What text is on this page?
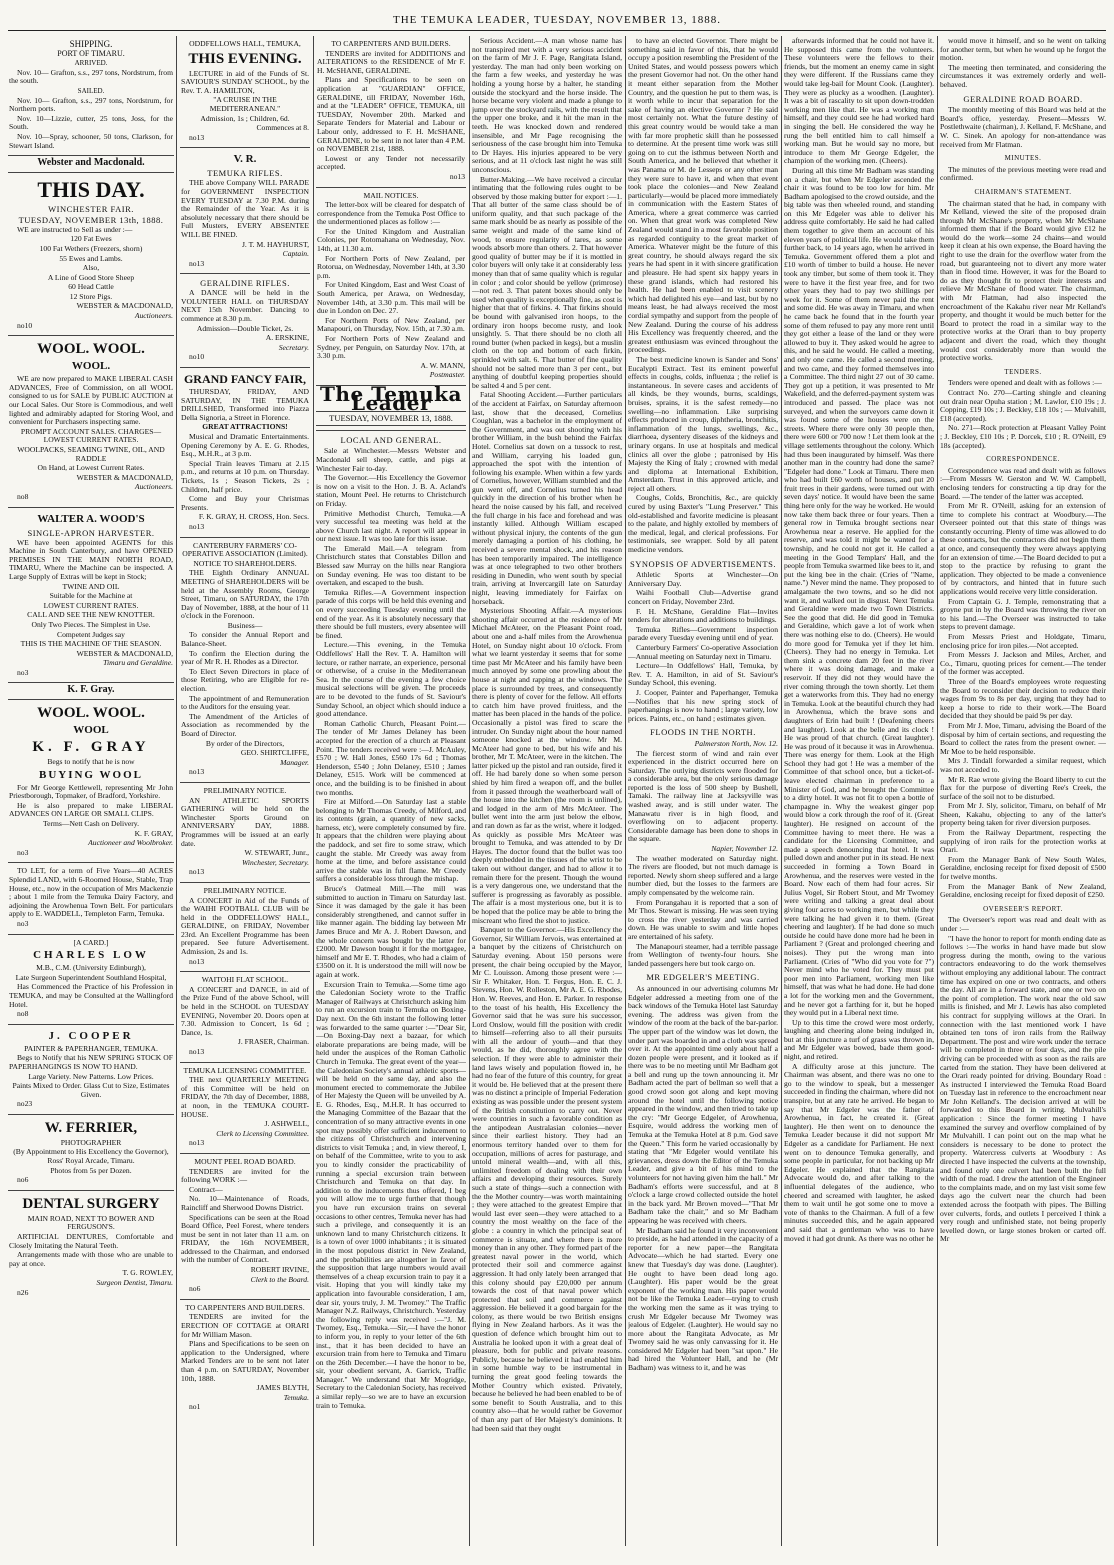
THE TEMUKA LEADER, TUESDAY, NOVEMBER 13, 1888.
SHIPPING.
PORT OF TIMARU.
ARRIVED.

Nov. 10— Grafton, s.s., 297 tons, Nordstrum, from the south.

SAILED.

Nov. 10— Grafton, s.s., 297 tons, Nordstrum, for Northern ports.

Nov. 10—Lizzie, cutter, 25 tons, Joss, for the South.

Nov. 10—Spray, schooner, 50 tons, Clarkson, for Stewart Island.

Webster and Macdonald.
THIS DAY.
WINCHESTER FAIR.
TUESDAY, NOVEMBER 13th, 1888.

WE are instructed to Sell as under :—

120 Fat Ewes

100 Fat Wethers (Freezers, shorn)

55 Ewes and Lambs.

Also,

A Line of Good Store Sheep

60 Head Cattle

12 Store Pigs.

WEBSTER & MACDONALD,

Auctioneers.

no10

WOOL. WOOL.
WOOL.

WE are now prepared to MAKE LIBERAL CASH ADVANCES, Free of Commission, on all WOOL consigned to us for SALE by PUBLIC AUCTION at our Local Sales. Our Store is Commodious, and well lighted and admirably adapted for Storing Wool, and convenient for Purchasers inspecting same.

PROMPT ACCOUNT SALES. CHARGES—LOWEST CURRENT RATES.

WOOLPACKS, SEAMING TWINE, OIL, AND RADDLE

On Hand, at Lowest Current Rates.

WEBSTER & MACDONALD,

Auctioneers.

no8

WALTER A. WOOD'S
SINGLE-APRON HARVESTER.

WE have been appointed AGENTS for this Machine in South Canterbury, and have OPENED PREMISES IN THE MAIN NORTH ROAD, TIMARU, Where the Machine can be inspected. A Large Supply of Extras will be kept in Stock;

TWINE AND OIL

Suitable for the Machine at

LOWEST CURRENT RATES.

CALL AND SEE THE NEW KNOTTER.

Only Two Pieces. The Simplest in Use.

Competent Judges say

THIS IS THE MACHINE OF THE SEASON.

WEBSTER & MACDONALD,

Timaru and Geraldine.

no3

K. F. Gray.
WOOL. WOOL.
WOOL
K. F. GRAY

Begs to notify that he is now

BUYING WOOL

For Mr George Kettlewell, representing Mr John Priestborough, Topmaker, of Bradford, Yorkshire.

He is also prepared to make LIBERAL ADVANCES ON LARGE OR SMALL CLIPS.

Terms—Nett Cash on Delivery.

K. F. GRAY,

Auctioneer and Woolbroker.

no3

TO LET, for a term of Five Years—40 ACRES Splendid LAND, with 6-Roomed House, Stable, Trap House, etc., now in the occupation of Mrs Mackenzie ; about 1 mile from the Temuka Dairy Factory, and adjoining the Arowhenua Town Belt. For particulars apply to E. WADDELL, Templeton Farm, Temuka.

no3

[A CARD.]

CHARLES LOW

M.B., C.M. (University Edinburgh),

Late Surgeon Superintendent Southland Hospital,

Has Commenced the Practice of his Profession in TEMUKA, and may be Consulted at the Wallingford Hotel.

no8

J. COOPER

PAINTER & PAPERHANGER, TEMUKA.

Begs to Notify that his NEW SPRING STOCK OF PAPERHANGINGS IS NOW TO HAND.

Large Variety. New Patterns. Low Prices.

Paints Mixed to Order. Glass Cut to Size, Estimates Given.

no23

W. FERRIER,

PHOTOGRAPHER

(By Appointment to His Excellency the Governor), Ross' Royal Arcade, Timaru.

Photos from 5s per Dozen.

no6

DENTAL SURGERY

MAIN ROAD, NEXT TO BOWER AND FERGUSON'S.

ARTIFICIAL DENTURES, Comfortable and Closely Imitating the Natural Teeth.

Arrangements made with those who are unable to pay at once.

T. G. ROWLEY,

Surgeon Dentist, Timaru.

n26

ODDFELLOWS HALL, TEMUKA,

THIS EVENING.

LECTURE in aid of the Funds of St. SAVIOUR'S SUNDAY SCHOOL, by the Rev. T. A. HAMILTON,

"A CRUISE IN THE MEDITERRANEAN."

Admission, 1s ; Children, 6d.

Commences at 8.

no13

V. R.
TEMUKA RIFLES.

THE above Company WILL PARADE for GOVERNMENT INSPECTION EVERY TUESDAY at 7.30 P.M. during the Remainder of the Year. As it is absolutely necessary that there should be Full Musters, EVERY ABSENTEE WILL BE FINED.

J. T. M. HAYHURST,

Captain.

no13

GERALDINE RIFLES.

A DANCE will be held in the VOLUNTEER HALL on THURSDAY NEXT 15th November. Dancing to commence at 8.30 p.m.

Admission—Double Ticket, 2s.

A. ERSKINE,

Secretary.

no10

GRAND FANCY FAIR,

THURSDAY, FRIDAY, AND SATURDAY, IN THE TEMUKA DRILLSHED, Transformed into Piazza Della Signoria, a Street in Florence.

GREAT ATTRACTIONS!

Musical and Dramatic Entertainments. Opening Ceremony by A. E. G. Rhodes, Esq., M.H.R., at 3 p.m.

Special Train leaves Timaru at 2.15 p.m., and returns at 10 p.m. on Thursday. Tickets, 1s ; Season Tickets, 2s ; Children, half price.

Come and Buy your Christmas Presents.

F. K. GRAY, H. CROSS, Hon. Secs.

no13

CANTERBURY FARMERS' CO-OPERATIVE ASSOCIATION (Limited).

NOTICE TO SHAREHOLDERS.

THE Eighth Ordinary ANNUAL MEETING of SHAREHOLDERS will be held at the Assembly Rooms, George Street, Timaru, on SATURDAY, the 17th Day of November, 1888, at the hour of 11 o'clock in the Forenoon.

Business—

To consider the Annual Report and Balance-Sheet.

To confirm the Election during the year of Mr R. H. Rhodes as a Director.

To Elect Seven Directors in place of those Retiring, who are Eligible for re-election.

The appointment of and Remuneration to the Auditors for the ensuing year.

The Amendment of the Articles of Association as recommended by the Board of Director.

By order of the Directors,

GEO. SHIRTCLIFFE,

Manager.

no13

PRELIMINARY NOTICE.

AN ATHLETIC SPORTS GATHERING will be held on the Winchester Sports Ground on ANNIVERSARY DAY, 1888. Programmes will be issued at an early date.

W. STEWART, Junr.,

Winchester, Secretary.

no13

PRELIMINARY NOTICE.

A CONCERT in Aid of the Funds of the WAIHI FOOTBALL CLUB will be held in the ODDFELLOWS' HALL, GERALDINE, on FRIDAY, November 23rd. An Excellent Programme has been prepared. See future Advertisement. Admission, 2s and 1s.

no13

WAITOHI FLAT SCHOOL.

A CONCERT and DANCE, in aid of the Prize Fund of the above School, will be held in the SCHOOL on TUESDAY EVENING, November 20. Doors open at 7.30. Admission to Concert, 1s 6d ; Dance, 1s.

J. FRASER, Chairman.

no13

TEMUKA LICENSING COMMITTEE.

THE next QUARTERLY MEETING of this Committee will be held on FRIDAY, the 7th day of December, 1888, at noon, in the TEMUKA COURT-HOUSE.

J. ASHWELL,

Clerk to Licensing Committee.

no13

MOUNT PEEL ROAD BOARD.

TENDERS are invited for the following WORK :—

Contract—

No. 10—Maintenance of Roads, Raincliff and Sherwood Downs District.

Specifications can be seen at the Road Board Office, Peel Forest, where tenders must be sent in not later than 11 a.m. on FRIDAY, the 16th NOVEMBER, addressed to the Chairman, and endorsed with the number of Contract.

ROBERT IRVINE,

Clerk to the Board.

no6

TO CARPENTERS AND BUILDERS.

TENDERS are invited for the ERECTION OF COTTAGE at ORARI for Mr William Mason.

Plans and Specifications to be seen on application to the Undersigned, where Marked Tenders are to be sent not later than 4 p.m. on SATURDAY, November 10th, 1888.

JAMES BLYTH,

Temuka.

no1

TO CARPENTERS AND BUILDERS.

TENDERS are invited for ADDITIONS and ALTERATIONS to the RESIDENCE of Mr F. H. McSHANE, GERALDINE.

Plans and Specifications to be seen on application at "GUARDIAN" OFFICE, GERALDINE, till FRIDAY, November 16th, and at the "LEADER" OFFICE, TEMUKA, till TUESDAY, November 20th. Marked and Separate Tenders for Material and Labour or Labour only, addressed to F. H. McSHANE, GERALDINE, to be sent in not later than 4 P.M. on NOVEMBER 21st, 1888.

Lowest or any Tender not necessarily accepted.

no13

MAIL NOTICES.

The letter-box will be cleared for despatch of correspondence from the Temuka Post Office to the undermentioned places as follow :—

For the United Kingdom and Australian Colonies, per Rotomahana on Wednesday, Nov. 14th, at 11.30 a.m.

For Northern Ports of New Zealand, per Rotorua, on Wednesday, November 14th, at 3.30 p.m.

For United Kingdom, East and West Coast of South America, per Arawa, on Wednesday, November 14th, at 3.30 p.m. This mail will be due in London on Dec. 27.

For Northern Ports of New Zealand, per Manapouri, on Thursday, Nov. 15th, at 7.30 a.m.

For Northern Ports of New Zealand and Sydney, per Penguin, on Saturday Nov. 17th, at 3.30 p.m.

A. W. MANN,

Postmaster.

The Temuka Leader
TUESDAY, NOVEMBER 13, 1888.
LOCAL AND GENERAL.

Sale at Winchester.—Messrs Webster and Macdonald sell sheep, cattle, and pigs at Winchester Fair to-day.

The Governor.—His Excellency the Governor is now on a visit to the Hon. J. B. A. Acland's station, Mount Peel. He returns to Christchurch on Friday.

Primitive Methodist Church, Temuka.—A very successful tea meeting was held at the above Church last night. A report will appear in our next issue. It was too late for this issue.

The Emerald Mail.—A telegram from Christchurch states that Constables Dillon and Blessed saw Murray on the hills near Rangiora on Sunday evening. He was too distant to be overtaken, and escaped to the bush.

Temuka Rifles.—A Government inspection parade of this corps will be held this evening and on every succeeding Tuesday evening until the end of the year. As it is absolutely necessary that there should be full musters, every absentee will be fined.

Lecture.—This evening, in the Temuka Oddfellows' Hall the Rev. T. A. Hamilton will lecture, or rather narrate, an experience, personal or otherwise, of a cruise in the Mediterranean Sea. In the course of the evening a few choice musical selections will be given. The proceeds are to be devoted to the funds of St. Saviour's Sunday School, an object which should induce a good attendance.

Roman Catholic Church, Pleasant Point.—The tender of Mr James Delaney has been accepted for the erection of a church at Pleasant Point. The tenders received were :—J. McAuley, £570 ; W. Hall Jones, £560 17s 6d ; Thomas Henderson, £540 ; John Delaney, £510 ; James Delaney, £515. Work will be commenced at once, and the building is to be finished in about two months.

Fire at Milford.—On Saturday last a stable belonging to Mr Thomas Creedy, of Milford, and its contents (grain, a quantity of new sacks, harness, etc), were completely consumed by fire. It appears that the children were playing about the paddock, and set fire to some straw, which caught the stable. Mr Creedy was away from home at the time, and before assistance could arrive the stable was in full flame. Mr Creedy suffers a considerable loss through the mishap.

Bruce's Oatmeal Mill.—The mill was submitted to auction in Timaru on Saturday last. Since it was damaged by the gale it has been considerably strengthened, and cannot suffer in like manner again. The bidding lay between Mr James Bruce and Mr A. J. Robert Dawson, and the whole concern was bought by the latter for £2000. Mr Dawson bought it for the mortgagee, himself and Mr E. T. Rhodes, who had a claim of £3500 on it. It is understood the mill will now be again at work.

Excursion Train to Temuka.—Some time ago the Caledonian Society wrote to the Traffic Manager of Railways at Christchurch asking him to run an excursion train to Temuka on Boxing-Day next. On the 6th instant the following letter was forwarded to the same quarter :—"Dear Sir,—On Boxing-Day next a bazaar, for which elaborate preparations are being made, will be held under the auspices of the Roman Catholic Church in Temuka. The great event of the year—the Caledonian Society's annual athletic sports—will be held on the same day, and also the monument erected to commemorate the Jubilee of Her Majesty the Queen will be unveiled by A. E. G. Rhodes, Esq., M.H.R. It has occurred to the Managing Committee of the Bazaar that the concentration of so many attractive events in one spot may possibly offer sufficient inducement to the citizens of Christchurch and intervening districts to visit Temuka ; and, in view thereof, I, on behalf of the Committee, write to you to ask you to kindly consider the practicability of running a special excursion train between Christchurch and Temuka on that day. In addition to the inducements thus offered, I beg you will allow me to urge further that though you have run excursion trains on several occasions to other centres, Temuka never has had such a privilege, and consequently it is an unknown land to many Christchurch citizens. It is a town of over 1000 inhabitants ; it is situated in the most populous district in New Zealand, and the probabilities are altogether in favor of the supposition that large numbers would avail themselves of a cheap excursion train to pay it a visit. Hoping that you will kindly take my application into favourable consideration, I am, dear sir, yours truly, J. M. Twomey." The Traffic Manager N.Z. Railways, Christchurch. Yesterday the following reply was received :—"J. M. Twomey, Esq., Temuka.—Sir,—I have the honor to inform you, in reply to your letter of the 6th inst., that it has been decided to have an excursion train from here to Temuka and Timaru on the 26th December.—I have the honor to be, sir, your obedient servant, A. Garrick, Traffic Manager." We understand that Mr Mogridge, Secretary to the Caledonian Society, has received a similar reply—so we are to have an excursion train to Temuka.

Serious Accident.—A man whose name has not transpired met with a very serious accident on the farm of Mr J. F. Page, Rangitata Island, yesterday. The man had only been working on the farm a few weeks, and yesterday he was holding a young horse by a halter, he standing outside the stockyard and the horse inside. The horse became very violent and made a plunge to jump over the stockyard rails, with the result that the upper one broke, and it hit the man in the teeth. He was knocked down and rendered insensible, and Mr Page recognising the seriousness of the case brought him into Temuka to Dr Hayes. His injuries appeared to be very serious, and at 11 o'clock last night he was still unconscious.

Butter-Making.—We have received a circular intimating that the following rules ought to be observed by those making butter for export :—1. That all butter of the same class should be of uniform quality, and that such package of the same mark should be as nearly as possible of the same weight and made of the same kind of wood, to ensure regularity of tares, as some woods absorb more than others. 2. That however good quality of butter may be if it is mottled in color buyers will only take it at considerably less money than that of same quality which is regular in color ; and color should be yellow (primrose) —not red. 3. That patent boxes should only be used when quality is exceptionally fine, as cost is higher that that of firkins. 4. That firkins should be bound with galvanised iron hoops, to the ordinary iron hoops become rusty, and look unsightly. 5. That there should be no cloth all round butter (when packed in kegs), but a muslin cloth on the top and bottom of each firkin, sprinkled with salt. 6. That butter of fine quality should not be salted more than 3 per cent., but anything of doubtful keeping properties should be salted 4 and 5 per cent.

Fatal Shooting Accident.—Further particulars of the accident at Fairfax, on Saturday afternoon last, show that the deceased, Cornelius Coughlan, was a bachelor in the employment of the Government, and was out shooting with his brother William, in the bush behind the Fairfax Hotel. Cornelius sat down on a tussock to rest, and William, carrying his loaded gun, approached the spot with the intention of following his example. When within a few yards of Cornelius, however, William stumbled and the gun went off, and Cornelius turned his head quickly in the direction of his brother when he heard the noise caused by his fall, and received the full charge in his face and forehead and was instantly killed. Although William escaped without physical injury, the contents of the gun merely damaging a portion of his clothing, he received a severe mental shock, and his reason has been temporarily impaired. The intelligence was at once telegraphed to two other brothers residing in Dunedin, who went south by special train, arriving at Invercargill late on Saturday night, leaving immediately for Fairfax on horseback.

Mysterious Shooting Affair.—A mysterious shooting affair occurred at the residence of Mr Michael McAteer, on the Pleasant Point road, about one and a-half miles from the Arowhenua Hotel, on Sunday night about 10 o'clock. From what we learnt yesterday it seems that for some time past Mr McAteer and his family have been much annoyed by some one prowling about the house at night and rapping at the windows. The place is surrounded by trees, and consequently there is plenty of cover for the fellow. All efforts to catch him have proved fruitless, and the matter has been placed in the hands of the police. Occasionally a pistol was fired to scare the intruder. On Sunday night about the hour named someone knocked at the window. Mr M. McAteer had gone to bed, but his wife and his brother, Mr T. McAteer, were in the kitchen. The latter picked up the pistol and ran outside, fired it off. He had barely done so when some person shied by him fired a weapon off, and the bullet from it passed through the weatherboard wall of the house into the kitchen (the room is unlined), and lodged in the arm of Mrs McAteer. The bullet went into the arm just below the elbow, and ran down as far as the wrist, where it lodged. As quickly as possible Mrs McAteer was brought to Temuka, and was attended to by Dr Hayes. The doctor found that the bullet was too deeply embedded in the tissues of the wrist to be taken out without danger, and had to allow it to remain there for the present. Though the wound is a very dangerous one, we understand that the sufferer is progressing as favorably as possible. The affair is a most mysterious one, but it is to be hoped that the police may be able to bring the miscreant who fired the shot to justice.

Banquet to the Governor.—His Excellency the Governor, Sir William Jervois, was entertained at a banquet by the citizens of Christchurch on Saturday evening. About 150 persons were present, the chair being occupied by the Mayor, Mr C. Louisson. Among those present were :—Sir F. Whitaker, Hon. T. Fergus, Hon. E. C. J. Stevens, Hon. W. Rolleston, Mr A. E. G. Rhodes, Hon. W. Reeves, and Hon. E. Parker. In response to the toast of his health, His Excellency the Governor said that he was sure his successor, Lord Onslow, would fill the position with credit to himself—referring also to all their pursuits with all the ardour of youth—and that they would, as he did, thoroughly agree with the selection. If they were able to administer their land laws wisely and population flowed in, he had no fear of the future of this country, for great it would be. He believed that at the present there was no distinct a principle of Imperial Federation existing as was possible under the present system of the British constitution to carry out. Never were countries in such a favorable condition as the antipodean Australasian colonies—never since their earliest history. They had an enormous territory handed over to them for occupation, millions of acres for pasturage, and untold mineral wealth—and, with all this, unlimited freedom of dealing with their own affairs and developing their resources. Surely such a state of things—such a connection with the the Mother country—was worth maintaining ; they were attached to the greatest Empire that would last ever seen—they were attached to a country the most wealthy on the face of the globe : a country in which the principal seat of commerce is situate, and where there is more money than in any other. They formed part of the greatest naval power in the world, which protected their soil and commerce against aggression. It had only lately been arranged that this colony should pay £20,000 per annum towards the cost of that naval power which protected that soil and commerce against aggression. He believed it a good bargain for the colony, as there would be two British ensigns flying in New Zealand harbors. As it was the question of defence which brought him out to Australia he looked upon it with a great deal of pleasure, both for public and private reasons. Publicly, because he believed it had enabled him in some humble way to be instrumental in turning the great good feeling towards the Mother Country which existed. Privately, because he believed he had been enabled to be of some benefit to South Australia, and to this country also—that he would rather be Governor of than any part of Her Majesty's dominions. It had been said that they ought

to have an elected Governor. There might be something said in favor of this, that he would occupy a position resembling the President of the United States, and would possess powers which the present Governor had not. On the other hand it meant either separation from the Mother Country, and the question he put to them was, is it worth while to incur that separation for the sake of having an elective Governor ? He said most certainly not. What the future destiny of this great country would be would take a man with far more prophetic skill than he possessed to determine. At the present time work was still going on to cut the isthmus between North and South America, and he believed that whether it was Panama or M. de Lesseps or any other man they were sure to have it, and when that event took place the colonies—and New Zealand particularly—would be placed more immediately in communication with the Eastern States of America, where a great commerce was carried on. When that great work was completed New Zealand would stand in a most favorable position as regarded contiguity to the great market of America. Whatever might be the future of this great country, he should always regard the six years he had spent in it with sincere gratification and pleasure. He had spent six happy years in these grand islands, which had restored his health. He had been enabled to visit scenery which had delighted his eye—and last, but by no means least, he had always received the most cordial sympathy and support from the people of New Zealand. During the course of his address His Excellency was frequently cheered, and the greatest enthusiasm was evinced throughout the proceedings.

The best medicine known is Sander and Sons' Eucalypti Extract. Test its eminent powerful effects in coughs, colds, influenza ; the relief is instantaneous. In severe cases and accidents of all kinds, be they wounds, burns, scaldings, bruises, sprains, it is the safest remedy—no swelling—no inflammation. Like surprising effects produced in croup, diphtheria, bronchitis, inflammation of the lungs, swellings, &c., diarrhoea, dysentery diseases of the kidneys and urinary organs. In use at hospitals and medical clinics all over the globe ; patronised by His Majesty the King of Italy ; crowned with medal and diploma at International Exhibition, Amsterdam. Trust in this approved article, and reject all others.

Coughs, Colds, Bronchitis, &c., are quickly cured by using Baxter's "Lung Preserver." This old-established and favorite medicine is pleasant to the palate, and highly extolled by members of the medical, legal, and clerical professions. For testimonials, see wrapper. Sold by all patent medicine vendors.

SYNOPSIS OF ADVERTISEMENTS.

Athletic Sports at Winchester—On Anniversary Day.

Waihi Football Club—Advertise grand concert on Friday, November 23rd.

F. H. McShane, Geraldine Flat—Invites tenders for alterations and additions to buildings.

Temuka Rifles—Government inspection parade every Tuesday evening until end of year.

Canterbury Farmers' Co-operative Association—Annual meeting on Saturday next in Timaru.

Lecture—In Oddfellows' Hall, Temuka, by Rev. T. A. Hamilton, in aid of St. Saviour's Sunday School, this evening.

J. Cooper, Painter and Paperhanger, Temuka—Notifies that his new spring stock of paperhangings is now to hand ; large variety, low prices. Paints, etc., on hand ; estimates given.

FLOODS IN THE NORTH.

Palmerston North, Nov. 12.

The fiercest storm of wind and rain ever experienced in the district occurred here on Saturday. The outlying districts were flooded for a considerable area, but the only serious damage reported is the loss of 500 sheep by Bushell, Tamaki. The railway line at Jacksyville was washed away, and is still under water. The Manawatu river is in high flood, and overflowing on to adjacent property. Considerable damage has been done to shops in the square.

Napier, November 12.

The weather moderated on Saturday night. The rivers are flooded, but not much damage is reported. Newly shorn sheep suffered and a large number died, but the losses to the farmers are amply compensated by the welcome rain.

From Porangahau it is reported that a son of Mr Thos. Stewart is missing. He was seen trying to cross the river yesterday and was carried down. He was unable to swim and little hopes are entertained of his safety.

The Manapouri steamer, had a terrible passage from Wellington of twenty-four hours. She landed passengers here but took cargo on.

MR EDGELER'S MEETING.

As announced in our advertising columns Mr Edgeler addressed a meeting from one of the back windows of the Temuka Hotel last Saturday evening. The address was given from the window of the room at the back of the bar-parlor. The upper part of the window was let down, the under part was boarded in and a cloth was spread over it. At the appointed time only about half a dozen people were present, and it looked as if there was to be no meeting until Mr Badham got a bell and rung up the town announcing it. Mr Badham acted the part of bellman so well that a good crowd soon got along and kept moving around the hotel until the following notice appeared in the window, and then tried to take up the cry: "Mr George Edgeler, of Arowhenua, Esquire, would address the working men of Temuka at the Temuka Hotel at 8 p.m. God save the Queen." This form he varied occasionally by stating that "Mr Edgeler would ventilate his grievances, dress down the Editor of the Temuka Leader, and give a bit of his mind to the volunteers for not having given him the hall." Mr Badham's efforts were successful, and at 8 o'clock a large crowd collected outside the hotel in the back yard. Mr Brown moved—"That Mr Badham take the chair," and so Mr Badham appearing he was received with cheers.

Mr Badham said he found it very inconvenient to preside, as he had attended in the capacity of a reporter for a new paper—the Rangitata Advocate—which he had started. Every one knew that Tuesday's day was done. (Laughter). He ought to have been dead long ago. (Laughter). His paper would be the great exponent of the working man. His paper would not be like the Temuka Leader—trying to crush the working men the same as it was trying to crush Mr Edgeler because Mr Twomey was jealous of Edgeler. (Laughter). He would say no more about the Rangitata Advocate, as Mr Twomey said he was only canvassing for it. He considered Mr Edgeler had been "sat upon." He had hired the Volunteer Hall, and he (Mr Badham) was witness to it, and he was

afterwards informed that he could not have it. He supposed this came from the volunteers. These volunteers were the fellows to their friends, but the moment an enemy came in sight they were different. If the Russians came they would take leg-bail for Mount Cook. (Laughter). They were as plucky as a woodhen. (Laughter). It was a bit of rascality to sit upon down-trodden working men like that. He was a working man himself, and they could see he had worked hard in singing the bell. He considered the way he rung the bell entitled him to call himself a working man. But he would say no more, but introduce to them Mr George Edgeler, the champion of the working men. (Cheers).

During all this time Mr Badham was standing on a chair, but when Mr Edgeler ascended the chair it was found to be too low for him. Mr Badham apologised to the crowd outside, and the big table was then wheeled round, and standing on this Mr Edgeler was able to deliver his address quite comfortably. He said he had called them together to give them an account of his eleven years of political life. He would take them further back, to 14 years ago, when he arrived in Temuka. Government offered them a plot and £10 worth of timber to build a house. He never took any timber, but some of them took it. They were to have it the first year free, and for two other years they had to pay two shillings per week for it. Some of them never paid the rent and some did. He was away in Timaru, and when he came back he found that in the fourth year some of them refused to pay any more rent until they got either a lease of the land or they were allowed to buy it. They asked would he agree to this, and he said he would. He called a meeting, and only one came. He called a second meeting, and two came, and they formed themselves into a Committee. The third night 27 out of 30 came. They got up a petition, it was presented to Mr Wakefield, and the deferred-payment system was introduced and passed. The place was not surveyed, and when the surveyors came down it was found some of the houses were on the streets. Where there were only 30 people then, there were 600 or 700 now ! Let them look at the village settlements throughout the colony. Which had thus been inaugurated by himself. Was there another man in the country had done the same? "Edgeler had done." Look at Timaru. There men who had built £60 worth of houses, and put 20 fruit trees in their gardens, were turned out with seven days' notice. It would have been the same thing here only for the way he worked. He would now take them back three or four years. Then a general row in Temuka brought sections near Arowhenua near a reserve. He applied for the reserve, and was told it might be wanted for a township, and he could not get it. He called a meeting in the Good Templars' Hall, and the people from Temuka swarmed like bees to it, and put the king bee in the chair. (Cries of "Name, name.") Never mind the name. They proposed to amalgamate the two towns, and so he did not want it, and walked out in disgust. Next Temuka and Geraldine were made two Town Districts. See the good that did. He did good in Temuka and Geraldine, which gave a lot of work when there was nothing else to do. (Cheers). He would do more good for Temuka yet if they let him. (Cheers). They had no energy in Temuka. Let them sink a concrete dam 20 feet in the river where it was doing damage, and make a reservoir. If they did not they would have the river coming through the town shortly. Let them get a waterworks from this. They had no energy in Temuka. Look at the beautiful church they had in Arowhenua, which the brave sons and daughters of Erin had built ! (Deafening cheers and laughter). Look at the belle and its clock ! He was proud of that church. (Great laughter). He was proud of it because it was in Arowhenua. There was energy for them. Look at the High School they had got ! He was a member of the Committee of that school once, but a ticket-of-leave elected chairman in preference to a Minister of God, and he brought the Committee to a dirty hotel. It was not fit to open a bottle of champagne in. Why the weakest ginger pop would blow a cork through the roof of it. (Great laughter). He resigned on account of the Committee having to meet there. He was a candidate for the Licensing Committee, and made a speech denouncing that hotel. It was pulled down and another put in its stead. He next succeeded in forming a Town Board in Arowhenua, and the reserves were vested in the Board. Now each of them had four acres. Sir Julius Vogel, Sir Robert Stout, and Mr Twomey were writing and talking a great deal about giving four acres to working men, but while they were talking he had given it to them. (Great cheering and laughter). If he had done so much outside he could have done more had he been in Parliament ? (Great and prolonged cheering and noises). They put the wrong man into Parliament. (Cries of "Who did you vote for ?") Never mind who he voted for. They must put poor men into Parliament, working men like himself, that was what he had done. He had done a lot for the working men and the Government, and he never got a farthing for it, but he hoped they would put in a Liberal next time.

Up to this time the crowd were most orderly, laughing and cheering alone being indulged in, but at this juncture a turf of grass was thrown in, and Mr Edgeler was bowed, bade them good-night, and retired.

A difficulty arose at this juncture. The Chairman was absent, and there was no one to go to the window to speak, but a messenger succeeded in finding the chairman, where did not transpire, but at any rate he arrived. He began to say that Mr Edgeler was the father of Arowhenua, in fact, he created it. (Great laughter). He then went on to denounce the Temuka Leader because it did not support Mr Edgeler as a candidate for Parliament. He next went on to denounce Temuka generally, and some people in particular, for not backing up Mr Edgeler. He explained that the Rangitata Advocate would do, and after talking to the influential delegates of the audience, who cheered and screamed with laughter, he asked them to wait until he got some one to move a vote of thanks to the Chairman. A full of a few minutes succeeded this, and he again appeared and said that a gentleman who was to have moved it had got drunk. As there was no other he

would move it himself, and so he went on talking for another term, but when he wound up he forgot the motion.

The meeting then terminated, and considering the circumstances it was extremely orderly and well-behaved.

GERALDINE ROAD BOARD.

The monthly meeting of this Board was held at the Board's office, yesterday. Present—Messrs W. Postlethwaite (chairman), J. Kelland, F. McShane, and W. C. Sinek. An apology for non-attendance was received from Mr Flatman.

MINUTES.

The minutes of the previous meeting were read and confirmed.

CHAIRMAN'S STATEMENT.

The chairman stated that he had, in company with Mr Kelland, viewed the site of the proposed drain through Mr McShane's property, when Mr McShane informed them that if the Board would give £12 he would do the work—some 24 chains—and would keep it clean at his own expense, the Board having the right to use the drain for the overflow water from the road, but guaranteeing not to divert any more water than in flood time. However, it was for the Board to do as they thought fit to protect their interests and relieve Mr McShane of flood water. The chairman, with Mr Flatman, had also inspected the encroachment of the Kakahu river near Mr Kelland's property, and thought it would be much better for the Board to protect the road in a similar way to the protective works at the Orari than to buy property adjacent and divert the road, which they thought would cost considerably more than would the protective works.

TENDERS.

Tenders were opened and dealt with as follows :—

Contract No. 270—Carting shingle and cleaning out drain near Opuha station ; M. Lawlor, £10 19s ; J. Copping, £19 10s ; J. Beckley, £18 10s ; — Mulvahill, £18 (accepted).

No. 271—Rock protection at Pleasant Valley Point ; J. Beckley, £10 10s ; P. Dorcek, £10 ; R. O'Neill, £9 18s (accepted).

CORRESPONDENCE.

Correspondence was read and dealt with as follows :—From Messrs W. Gerston and W. W. Campbell, enclosing tenders for constructing a tip dray for the Board. —The tender of the latter was accepted.

From Mr R. O'Neill, asking for an extension of time to complete his contract at Woodbury.—The Overseer pointed out that this state of things was constantly occurring. Plenty of time was allowed to do these contracts, but the contractors did not begin them at once, and consequently they were always applying for an extension of time.—The Board decided to put a stop to the practice by refusing to grant the application. They objected to be made a convenience of by contractors, and hinted that in future such applications would receive very little consideration.

From Captain G. J. Temple, remonstrating that a groyne put in by the Board was throwing the river on to his land.—The Overseer was instructed to take steps to prevent damage.

From Messrs Priest and Holdgate, Timaru, enclosing price for iron piles.—Not accepted.

From Messrs J. Jackson and Miles, Archer, and Co., Timaru, quoting prices for cement.—The tender of the former was accepted.

Three of the Board's employees wrote requesting the Board to reconsider their decision to reduce their wages from 9s to 8s per day, urging that they had to keep a horse to ride to their work.—The Board decided that they should be paid 9s per day.

From Mr J. Moe, Timaru, advising the Board of the disposal by him of certain sections, and requesting the Board to collect the rates from the present owner. —Mr Moe to be held responsible.

Mrs J. Tindall forwarded a similar request, which was not acceded to.

Mr R. Rae wrote giving the Board liberty to cut the flax for the purpose of diverting Ree's Creek, the surface of the soil not to be disturbed.

From Mr J. Sly, solicitor, Timaru, on behalf of Mr Sheen, Kakahu, objecting to any of the latter's property being taken for river diversion purposes.

From the Railway Department, respecting the supplying of iron rails for the protection works at Orari.

From the Manager Bank of New South Wales, Geraldine, enclosing receipt for fixed deposit of £500 for twelve months.

From the Manager Bank of New Zealand, Geraldine, enclosing receipt for fixed deposit of £250.

OVERSEER'S REPORT.

The Overseer's report was read and dealt with as under :—

"I have the honor to report for month ending date as follows :—The works in hand have made but slow progress during the month, owing to the various contractors endeavoring to do the work themselves without employing any additional labour. The contract time has expired on one or two contracts, and others the day. All are in a forward state, and one or two on the point of completion. The work near the old saw mills is finished, and Mr J. Lewis has also completed his contract for supplying willows at the Orari. In connection with the last mentioned work I have obtained ten tons of iron rails from the Railway Department. The post and wire work under the terrace will be completed in three or four days, and the pile driving can be proceeded with as soon as the rails are carted from the station. They have been delivered at the Orari ready pointed for driving. Boundary Road : As instructed I interviewed the Temuka Road Board on Tuesday last in reference to the encroachment near Mr John Kelland's. The decision arrived at will be forwarded to this Board in writing. Mulvahill's application : Since the former meeting I have examined the survey and overflow complained of by Mr Mulvahill. I can point out on the map what he considers is necessary to be done to protect the property. Watercress culverts at Woodbury : As directed I have inspected the culverts at the township, and found only one culvert had been built the full width of the road. I drew the attention of the Engineer to the complaints made, and on my last visit some few days ago the culvert near the church had been extended across the footpath with pipes. The Billing over culverts, fords, and outlets I perceived I think a very rough and unfinished state, not being properly levelled down, or large stones broken or carted off. Mr
